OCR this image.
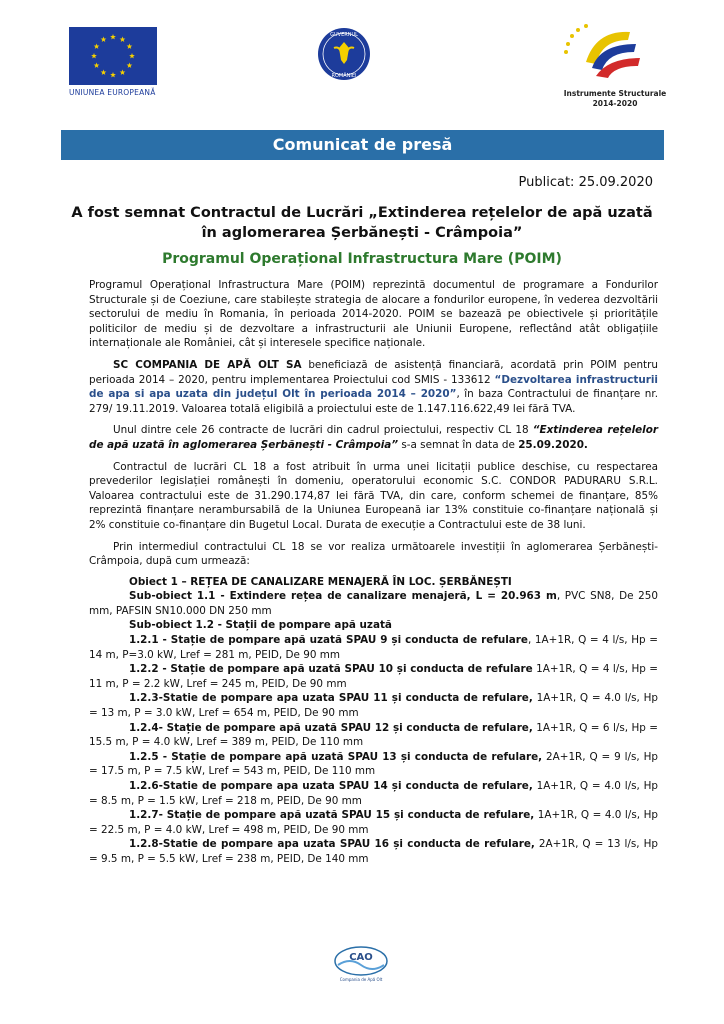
UNIUNEA EUROPEANĂ
GUVERNUL
ROMÂNIEI
Instrumente Structurale
2014-2020
Comunicat de presă
Publicat: 25.09.2020
A fost semnat Contractul de Lucrări „Extinderea rețelelor de apă uzată în aglomerarea Șerbănești - Crâmpoia”
Programul Operațional Infrastructura Mare (POIM)

Programul Operațional Infrastructura Mare (POIM) reprezintă documentul de programare a Fondurilor Structurale și de Coeziune, care stabilește strategia de alocare a fondurilor europene, în vederea dezvoltării sectorului de mediu în Romania, în perioada 2014-2020. POIM se bazează pe obiectivele și prioritățile politicilor de mediu și de dezvoltare a infrastructurii ale Uniunii Europene, reflectând atât obligațiile internaționale ale României, cât și interesele specifice naționale.

SC COMPANIA DE APĂ OLT SA beneficiază de asistență financiară, acordată prin POIM pentru perioada 2014 – 2020, pentru implementarea Proiectului cod SMIS - 133612 “Dezvoltarea infrastructurii de apa si apa uzata din județul Olt în perioada 2014 – 2020”, în baza Contractului de finanțare nr. 279/ 19.11.2019. Valoarea totală eligibilă a proiectului este de 1.147.116.622,49 lei fără TVA.

Unul dintre cele 26 contracte de lucrări din cadrul proiectului, respectiv CL 18 “Extinderea rețelelor de apă uzată în aglomerarea Șerbănești - Crâmpoia” s-a semnat în data de 25.09.2020.

Contractul de lucrări CL 18 a fost atribuit în urma unei licitații publice deschise, cu respectarea prevederilor legislației românești în domeniu, operatorului economic S.C. CONDOR PADURARU S.R.L. Valoarea contractului este de 31.290.174,87 lei fără TVA, din care, conform schemei de finanțare, 85% reprezintă finanțare nerambursabilă de la Uniunea Europeană iar 13% constituie co-finanțare națională și 2% constituie co-finanțare din Bugetul Local. Durata de execuție a Contractului este de 38 luni.

Prin intermediul contractului CL 18 se vor realiza următoarele investiții în aglomerarea Șerbănești-Crâmpoia, după cum urmează:

Obiect 1 – REȚEA DE CANALIZARE MENAJERĂ ÎN LOC. ȘERBĂNEȘTI
Sub-obiect 1.1 - Extindere rețea de canalizare menajeră, L = 20.963 m, PVC SN8, De 250 mm, PAFSIN SN10.000 DN 250 mm
Sub-obiect 1.2 - Stații de pompare apă uzată
1.2.1 - Stație de pompare apă uzată SPAU 9 și conducta de refulare, 1A+1R, Q = 4 l/s, Hp = 14 m, P=3.0 kW, Lref = 281 m, PEID, De 90 mm
1.2.2 - Stație de pompare apă uzată SPAU 10 și conducta de refulare 1A+1R, Q = 4 l/s, Hp = 11 m, P = 2.2 kW, Lref = 245 m, PEID, De 90 mm
1.2.3-Statie de pompare apa uzata SPAU 11 și conducta de refulare, 1A+1R, Q = 4.0 l/s, Hp = 13 m, P = 3.0 kW, Lref = 654 m, PEID, De 90 mm
1.2.4- Stație de pompare apă uzată SPAU 12 și conducta de refulare, 1A+1R, Q = 6 l/s, Hp = 15.5 m, P = 4.0 kW, Lref = 389 m, PEID, De 110 mm
1.2.5 - Stație de pompare apă uzată SPAU 13 și conducta de refulare, 2A+1R, Q = 9 l/s, Hp = 17.5 m, P = 7.5 kW, Lref = 543 m, PEID, De 110 mm
1.2.6-Statie de pompare apa uzata SPAU 14 și conducta de refulare, 1A+1R, Q = 4.0 l/s, Hp = 8.5 m, P = 1.5 kW, Lref = 218 m, PEID, De 90 mm
1.2.7- Stație de pompare apă uzată SPAU 15 și conducta de refulare, 1A+1R, Q = 4.0 l/s, Hp = 22.5 m, P = 4.0 kW, Lref = 498 m, PEID, De 90 mm
1.2.8-Statie de pompare apa uzata SPAU 16 și conducta de refulare, 2A+1R, Q = 13 l/s, Hp = 9.5 m, P = 5.5 kW, Lref = 238 m, PEID, De 140 mm
CAO
Compania de Apă Olt
